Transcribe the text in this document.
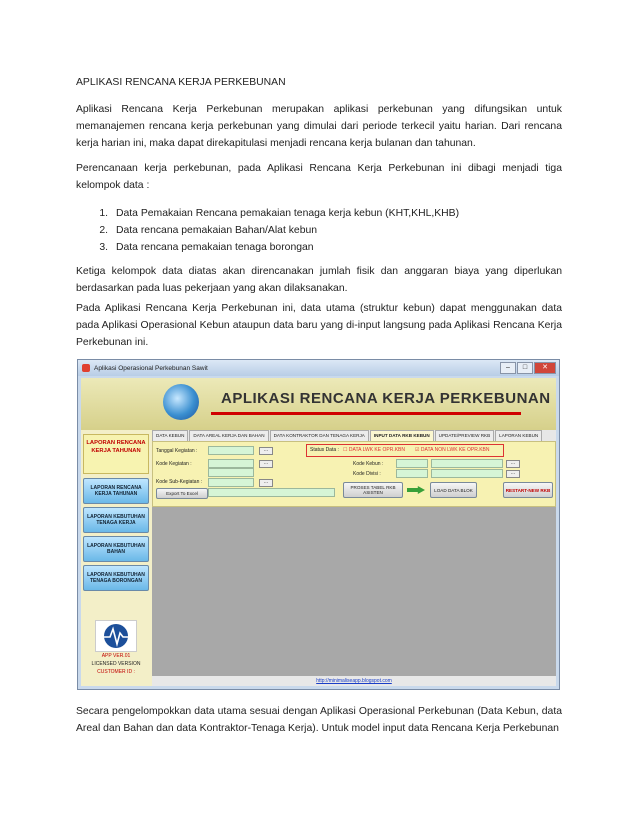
APLIKASI RENCANA KERJA PERKEBUNAN

Aplikasi Rencana Kerja Perkebunan merupakan aplikasi perkebunan yang difungsikan untuk memanajemen rencana kerja perkebunan yang dimulai dari periode terkecil yaitu harian. Dari rencana kerja harian ini, maka dapat direkapitulasi menjadi rencana kerja bulanan dan tahunan.

Perencanaan kerja perkebunan, pada Aplikasi Rencana Kerja Perkebunan ini dibagi menjadi tiga kelompok data :

1. Data Pemakaian Rencana pemakaian tenaga kerja kebun (KHT,KHL,KHB)
2. Data rencana pemakaian Bahan/Alat kebun
3. Data rencana pemakaian tenaga borongan

Ketiga kelompok data diatas akan direncanakan jumlah fisik dan anggaran biaya yang diperlukan berdasarkan pada luas pekerjaan yang akan dilaksanakan.

Pada Aplikasi Rencana Kerja Perkebunan ini, data utama (struktur kebun) dapat menggunakan data pada Aplikasi Operasional Kebun ataupun data baru yang di-input langsung pada Aplikasi Rencana Kerja Perkebunan ini.

Secara pengelompokkan data utama sesuai dengan Aplikasi Operasional Perkebunan (Data Kebun, data Areal dan Bahan dan data Kontraktor-Tenaga Kerja). Untuk model input data Rencana Kerja Perkebunan

Aplikasi Operasional Perkebunan Sawit	–	□	✕
APLIKASI RENCANA KERJA PERKEBUNAN
LAPORAN RENCANA KERJA TAHUNAN
LAPORAN RENCANA KERJA TAHUNAN
LAPORAN KEBUTUHAN TENAGA KERJA
LAPORAN KEBUTUHAN BAHAN
LAPORAN KEBUTUHAN TENAGA BORONGAN
APP VER.01
LICENSED VERSION
CUSTOMER ID :
DATA KEBUN	DATA AREAL KERJA DAN BAHAN	DATA KONTRAKTOR DAN TENAGA KERJA	INPUT DATA RKB KEBUN	UPDATE/PREVIEW RKB	LAPORAN KEBUN
Tanggal Kegiatan :	...
Kode Kegiatan :	...
Kode Sub-Kegiatan :	...
Export To Excel
Status Data : ☐ DATA LWK KE OPR.KBN ☑ DATA NON LWK KE OPR.KBN
Kode Kebun :	...
Kode Divisi :	...
PROSES TABEL RKB ASISTEN	LOAD DATA BLOK	RESTART-NEW RKB
http://minimaliseapp.blogspot.com
